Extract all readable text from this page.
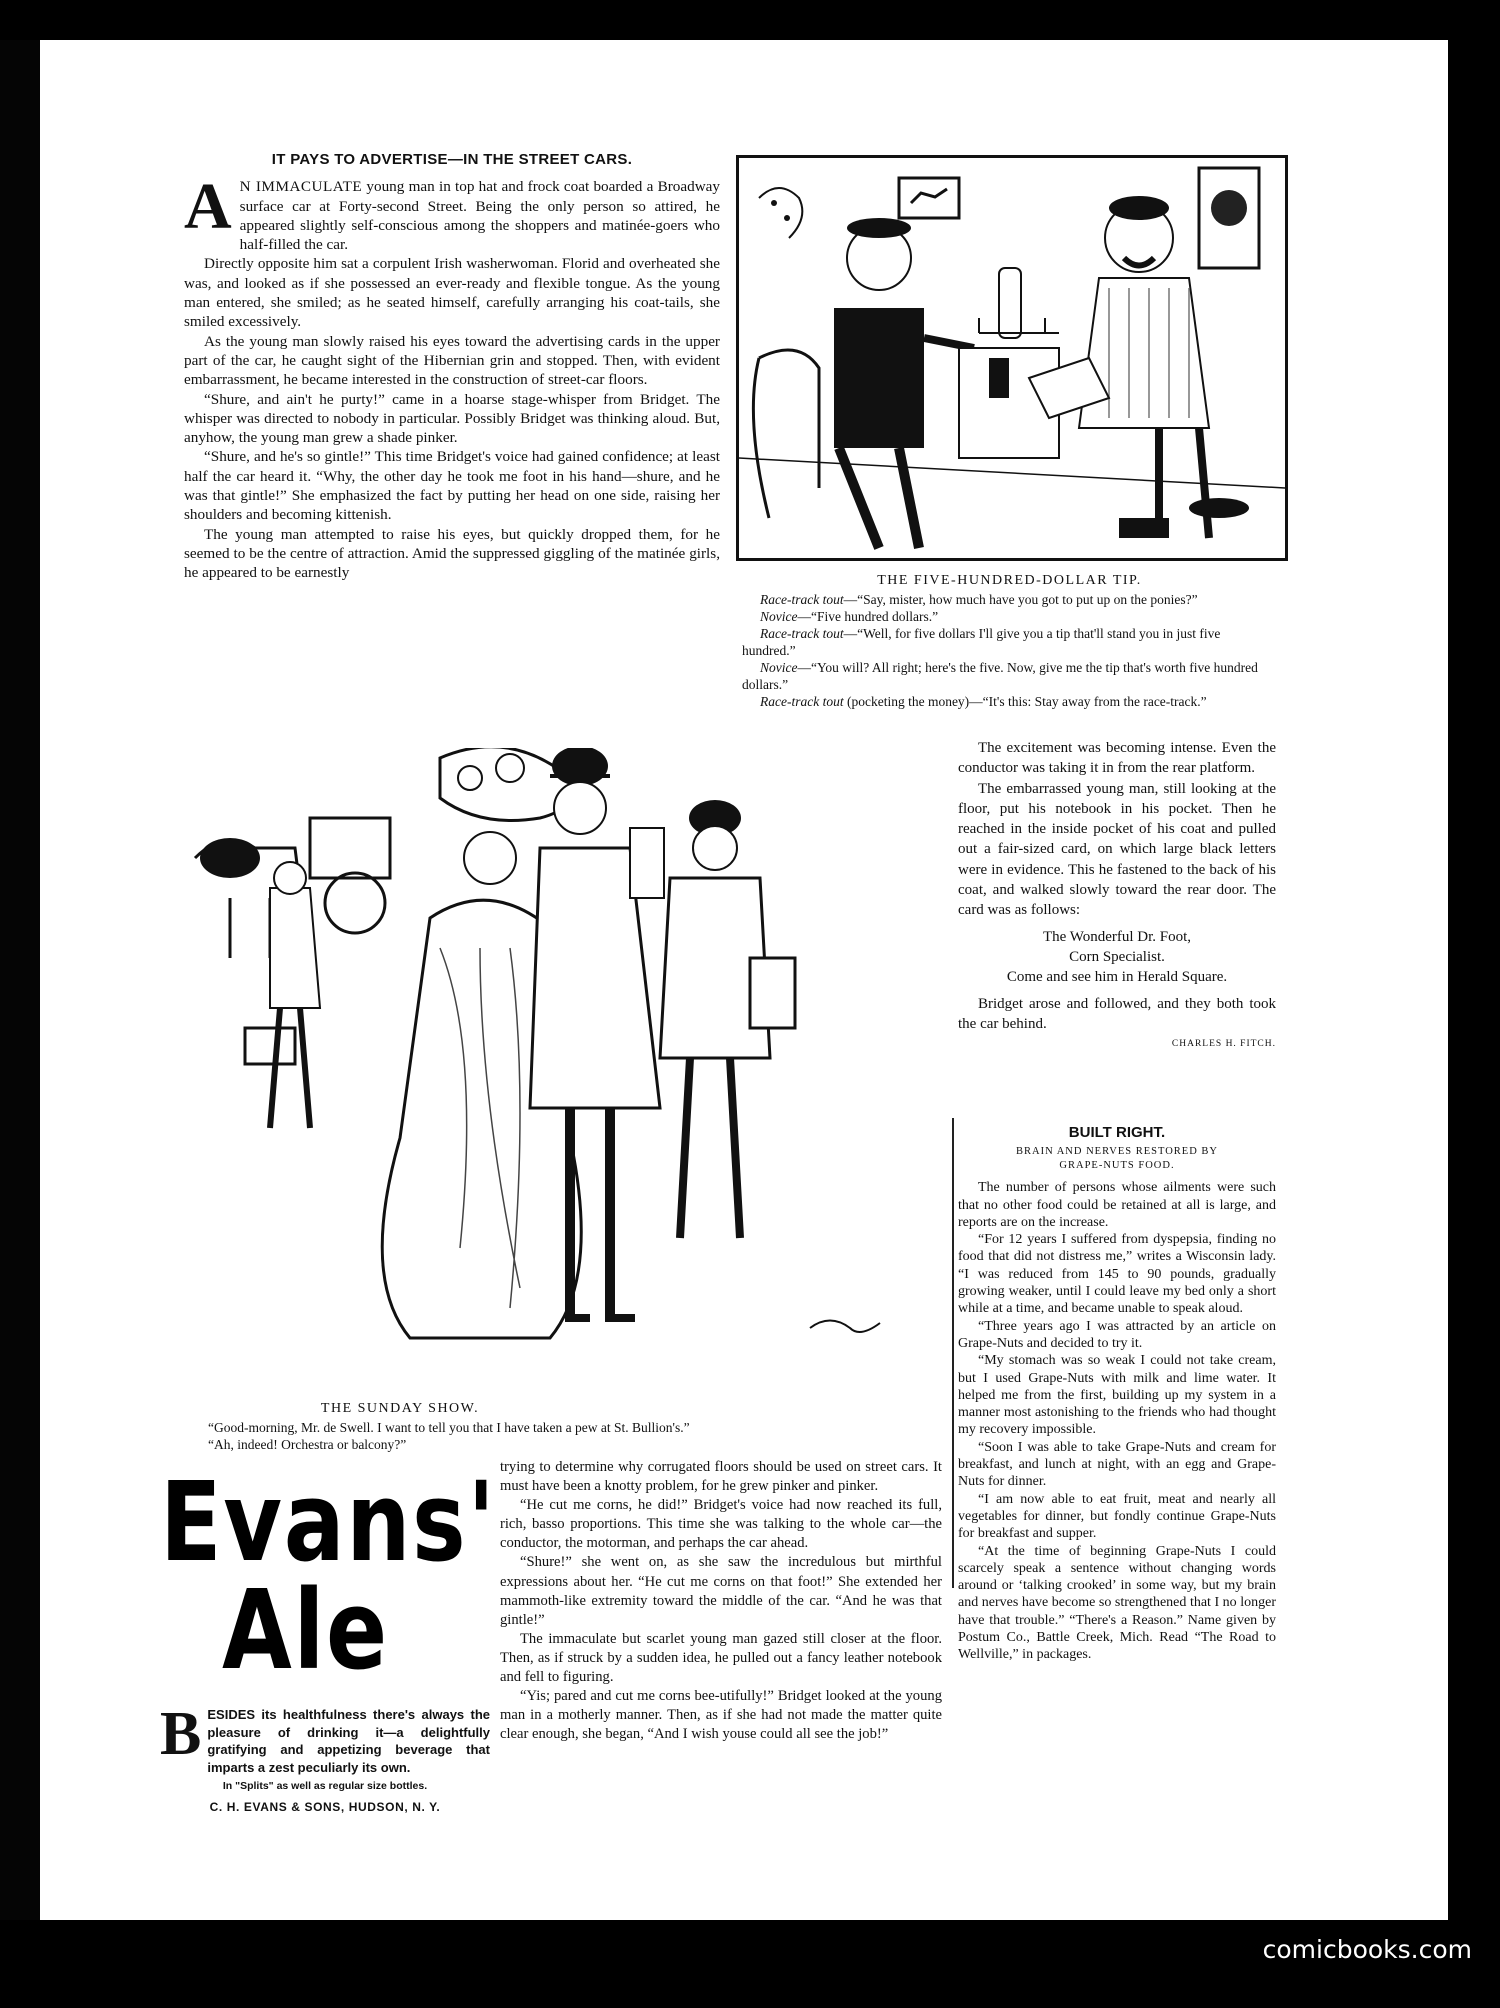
IT PAYS TO ADVERTISE—IN THE STREET CARS.

A N IMMACULATE young man in top hat and frock coat boarded a Broadway surface car at Forty-second Street. Being the only person so attired, he appeared slightly self-conscious among the shoppers and matinée-goers who half-filled the car.

Directly opposite him sat a corpulent Irish washerwoman. Florid and overheated she was, and looked as if she possessed an ever-ready and flexible tongue. As the young man entered, she smiled; as he seated himself, carefully arranging his coat-tails, she smiled excessively.

As the young man slowly raised his eyes toward the advertising cards in the upper part of the car, he caught sight of the Hibernian grin and stopped. Then, with evident embarrassment, he became interested in the construction of street-car floors.

“Shure, and ain't he purty!” came in a hoarse stage-whisper from Bridget. The whisper was directed to nobody in particular. Possibly Bridget was thinking aloud. But, anyhow, the young man grew a shade pinker.

“Shure, and he's so gintle!” This time Bridget's voice had gained confidence; at least half the car heard it. “Why, the other day he took me foot in his hand—shure, and he was that gintle!” She emphasized the fact by putting her head on one side, raising her shoulders and becoming kittenish.

The young man attempted to raise his eyes, but quickly dropped them, for he seemed to be the centre of attraction. Amid the suppressed giggling of the matinée girls, he appeared to be earnestly	THE FIVE-HUNDRED-DOLLAR TIP.

Race-track tout—“Say, mister, how much have you got to put up on the ponies?”

Novice—“Five hundred dollars.”

Race-track tout—“Well, for five dollars I'll give you a tip that'll stand you in just five hundred.”

Novice—“You will? All right; here's the five. Now, give me the tip that's worth five hundred dollars.”

Race-track tout (pocketing the money)—“It's this: Stay away from the race-track.”

THE SUNDAY SHOW.

“Good-morning, Mr. de Swell. I want to tell you that I have taken a pew at St. Bullion's.”

“Ah, indeed! Orchestra or balcony?”

Evans'
Ale
BESIDES its healthfulness there's always the pleasure of drinking it—a delightfully gratifying and appetizing beverage that imparts a zest peculiarly its own.
In "Splits" as well as regular size bottles.
C. H. EVANS & SONS, HUDSON, N. Y.

trying to determine why corrugated floors should be used on street cars. It must have been a knotty problem, for he grew pinker and pinker.

“He cut me corns, he did!” Bridget's voice had now reached its full, rich, basso proportions. This time she was talking to the whole car—the conductor, the motorman, and perhaps the car ahead.

“Shure!” she went on, as she saw the incredulous but mirthful expressions about her. “He cut me corns on that foot!” She extended her mammoth-like extremity toward the middle of the car. “And he was that gintle!”

The immaculate but scarlet young man gazed still closer at the floor. Then, as if struck by a sudden idea, he pulled out a fancy leather notebook and fell to figuring.

“Yis; pared and cut me corns bee-utifully!” Bridget looked at the young man in a motherly manner. Then, as if she had not made the matter quite clear enough, she began, “And I wish youse could all see the job!”

The excitement was becoming intense. Even the conductor was taking it in from the rear platform.

The embarrassed young man, still looking at the floor, put his notebook in his pocket. Then he reached in the inside pocket of his coat and pulled out a fair-sized card, on which large black letters were in evidence. This he fastened to the back of his coat, and walked slowly toward the rear door. The card was as follows:

The Wonderful Dr. Foot,
Corn Specialist.
Come and see him in Herald Square.

Bridget arose and followed, and they both took the car behind.

CHARLES H. FITCH.
BUILT RIGHT.
BRAIN AND NERVES RESTORED BY
GRAPE-NUTS FOOD.

The number of persons whose ailments were such that no other food could be retained at all is large, and reports are on the increase.

“For 12 years I suffered from dyspepsia, finding no food that did not distress me,” writes a Wisconsin lady. “I was reduced from 145 to 90 pounds, gradually growing weaker, until I could leave my bed only a short while at a time, and became unable to speak aloud.

“Three years ago I was attracted by an article on Grape-Nuts and decided to try it.

“My stomach was so weak I could not take cream, but I used Grape-Nuts with milk and lime water. It helped me from the first, building up my system in a manner most astonishing to the friends who had thought my recovery impossible.

“Soon I was able to take Grape-Nuts and cream for breakfast, and lunch at night, with an egg and Grape-Nuts for dinner.

“I am now able to eat fruit, meat and nearly all vegetables for dinner, but fondly continue Grape-Nuts for breakfast and supper.

“At the time of beginning Grape-Nuts I could scarcely speak a sentence without changing words around or ‘talking crooked’ in some way, but my brain and nerves have become so strengthened that I no longer have that trouble.” “There's a Reason.” Name given by Postum Co., Battle Creek, Mich. Read “The Road to Wellville,” in packages.

comicbooks.com
